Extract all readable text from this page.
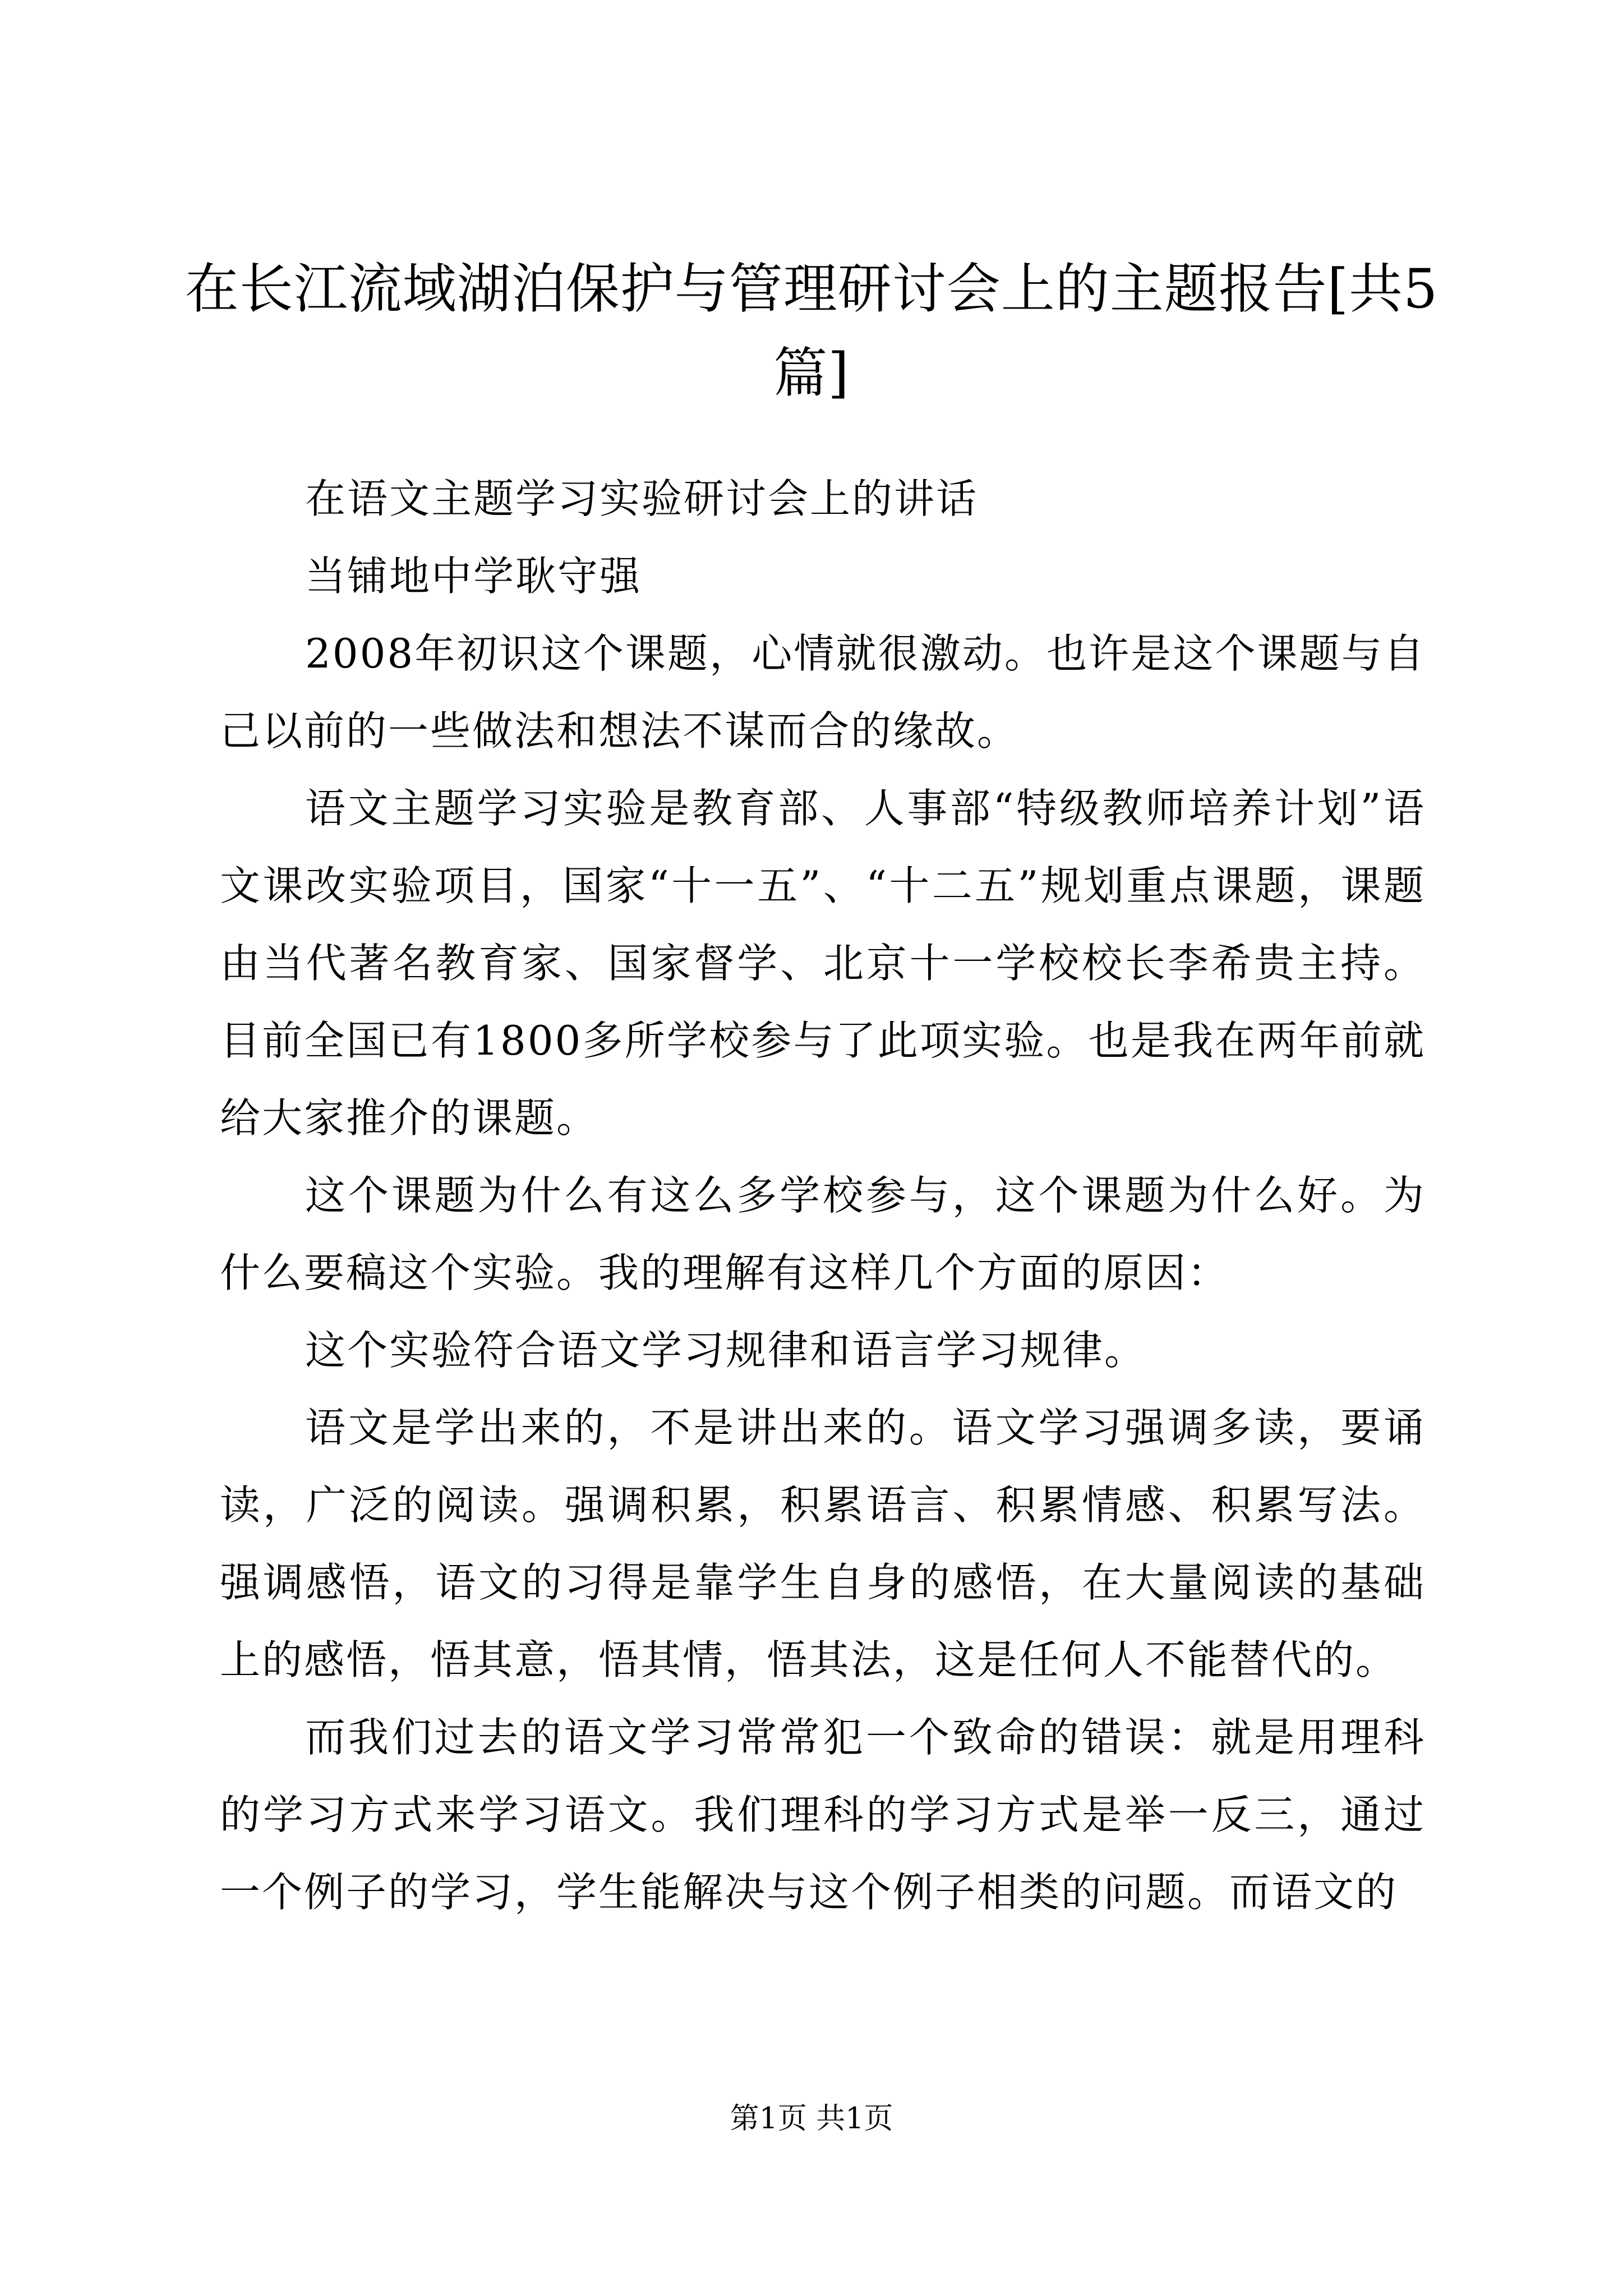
在长江流域湖泊保护与管理研讨会上的主题报告[共5篇]

在语文主题学习实验研讨会上的讲话

当铺地中学耿守强

2008年初识这个课题，心情就很激动。也许是这个课题与自己以前的一些做法和想法不谋而合的缘故。

语文主题学习实验是教育部、人事部“特级教师培养计划”语文课改实验项目，国家“十一五”、“十二五”规划重点课题，课题由当代著名教育家、国家督学、北京十一学校校长李希贵主持。目前全国已有1800多所学校参与了此项实验。也是我在两年前就给大家推介的课题。

这个课题为什么有这么多学校参与，这个课题为什么好。为什么要稿这个实验。我的理解有这样几个方面的原因：

这个实验符合语文学习规律和语言学习规律。

语文是学出来的，不是讲出来的。语文学习强调多读，要诵读，广泛的阅读。强调积累，积累语言、积累情感、积累写法。强调感悟，语文的习得是靠学生自身的感悟，在大量阅读的基础上的感悟，悟其意，悟其情，悟其法，这是任何人不能替代的。

而我们过去的语文学习常常犯一个致命的错误：就是用理科的学习方式来学习语文。我们理科的学习方式是举一反三，通过一个例子的学习，学生能解决与这个例子相类的问题。而语文的

第1页 共1页
